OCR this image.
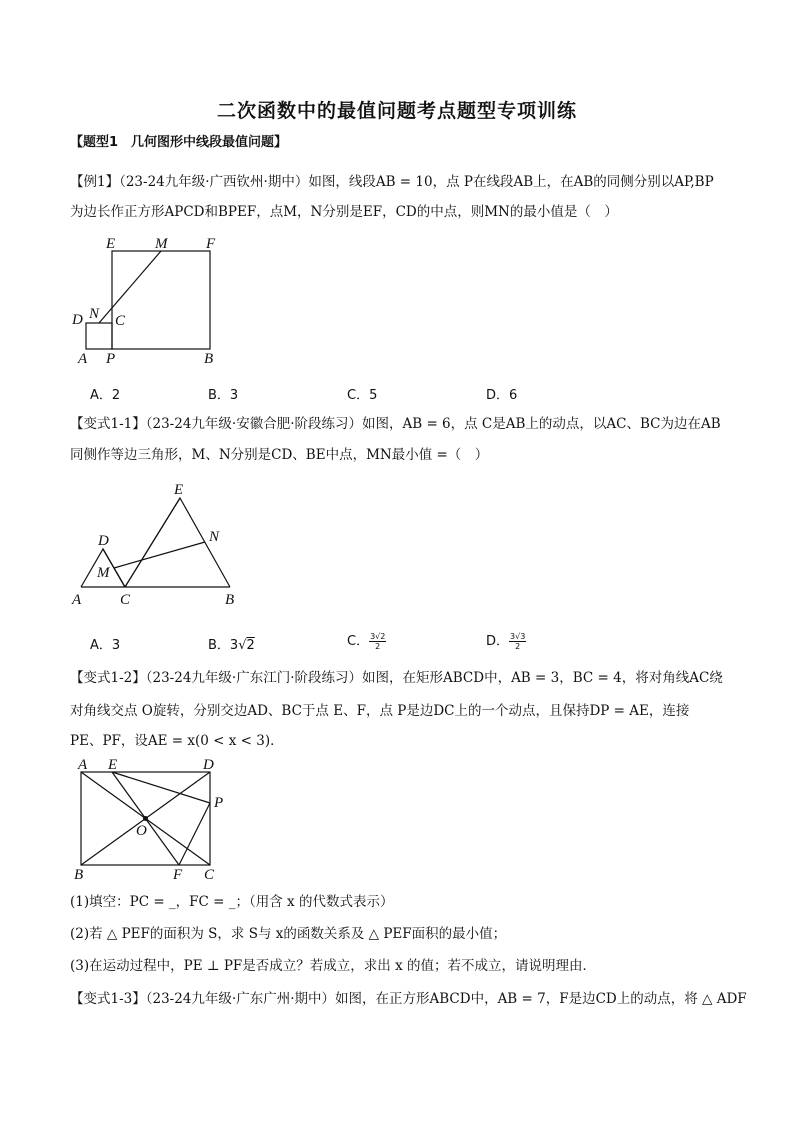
二次函数中的最值问题考点题型专项训练
【题型1　几何图形中线段最值问题】
【例1】（23-24九年级·广西钦州·期中）如图，线段AB = 10，点 P在线段AB上，在AB的同侧分别以AP,BP
为边长作正方形APCD和BPEF，点M，N分别是EF，CD的中点，则MN的最小值是（　）
E	M	F
N
D C
A P	B
A．2	B．3	C．5	D．6
【变式1-1】（23-24九年级·安徽合肥·阶段练习）如图，AB = 6，点 C是AB上的动点，以AC、BC为边在AB
同侧作等边三角形，M、N分别是CD、BE中点，MN最小值 =（　）
E
D	N
M
A	C	B
A．3	B．3√2	C． $\frac{3√2}{2}$	D． $\frac{3√3}{2}$
【变式1-2】（23-24九年级·广东江门·阶段练习）如图，在矩形ABCD中，AB = 3，BC = 4，将对角线AC绕
对角线交点 O旋转，分别交边AD、BC于点 E、F，点 P是边DC上的一个动点，且保持DP = AE，连接
PE、PF，设AE = x(0 < x < 3)．
A E	D
P
O
B	F C
(1)填空：PC = _，FC = _；（用含 x 的代数式表示）
(2)若 △ PEF的面积为 S，求 S与 x的函数关系及 △ PEF面积的最小值；
(3)在运动过程中，PE ⊥ PF是否成立？若成立，求出 x 的值；若不成立，请说明理由．
【变式1-3】（23-24九年级·广东广州·期中）如图，在正方形ABCD中，AB = 7，F是边CD上的动点，将 △ ADF
